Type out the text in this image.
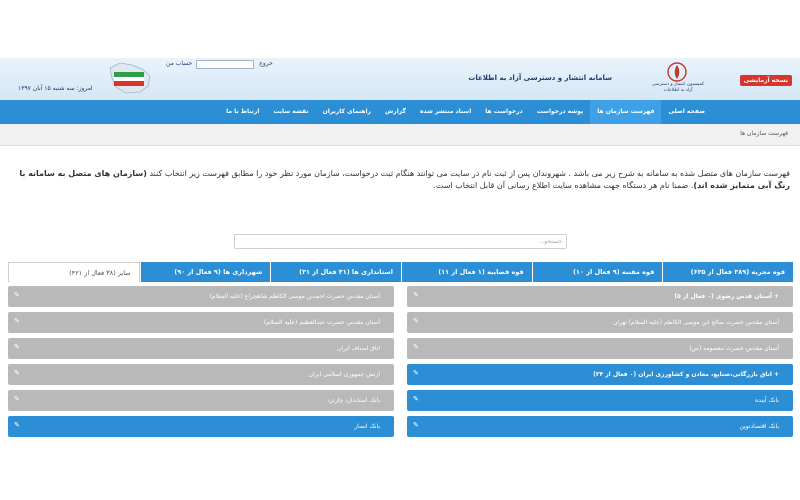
نسخه آزمایشی
کمیسیون انتشار و دسترسی آزاد به اطلاعات
سامانه انتشار و دسترسی آزاد به اطلاعات
حساب من	خروج
امروز: سه شنبه ۱۵ آبان ۱۳۹۷
صفحه اصلی
فهرست سازمان ها
پوشه درخواست
درخواست ها
اسناد منتشر شده
گزارش
راهنمای کاربران
نقشه سایت
ارتباط با ما
فهرست سازمان ها

فهرست سازمان های متصل شده به سامانه به شرح زیر می باشد . شهروندان پس از ثبت نام در سایت می توانند هنگام ثبت درخواست، سازمان مورد نظر خود را مطابق فهرست زیر انتخاب کنند (سازمان های متصل به سامانه با رنگ آبی متمایز شده اند). ضمنا نام هر دستگاه جهت مشاهده سایت اطلاع رسانی آن قابل انتخاب است.

جستجو...
قوه مجریه (۳۸۹ فعال از ۶۳۵)
قوه مقننه (۹ فعال از ۱۰)
قوه قضاییه (۱ فعال از ۱۱)
استانداری ها (۳۱ فعال از ۳۱)
شهرداری ها (۹ فعال از ۹۰)
سایر (۳۸ فعال از ۴۲۱)
+آستان قدس رضوی (۰ فعال از ۵)
✎
آستان مقدس حضرت صالح ابن موسی الکاظم (علیه السلام) تهران
✎
آستان مقدس حضرت معصومه (س)
✎
+اتاق بازرگانی،صنایع، معادن و کشاورزی ایران (۰ فعال از ۳۴)
✎
بانک آینده
✎
بانک اقتصادنوین
✎
آستان مقدس حضرت احمدبن موسی الکاظم شاهچراغ (علیه السلام)
✎
آستان مقدس حضرت عبدالعظیم (علیه السلام)
✎
اتاق اصناف ایران
✎
ارتش جمهوری اسلامی ایران
✎
بانک استاندارد چارترد
✎
بانک انصار
✎
